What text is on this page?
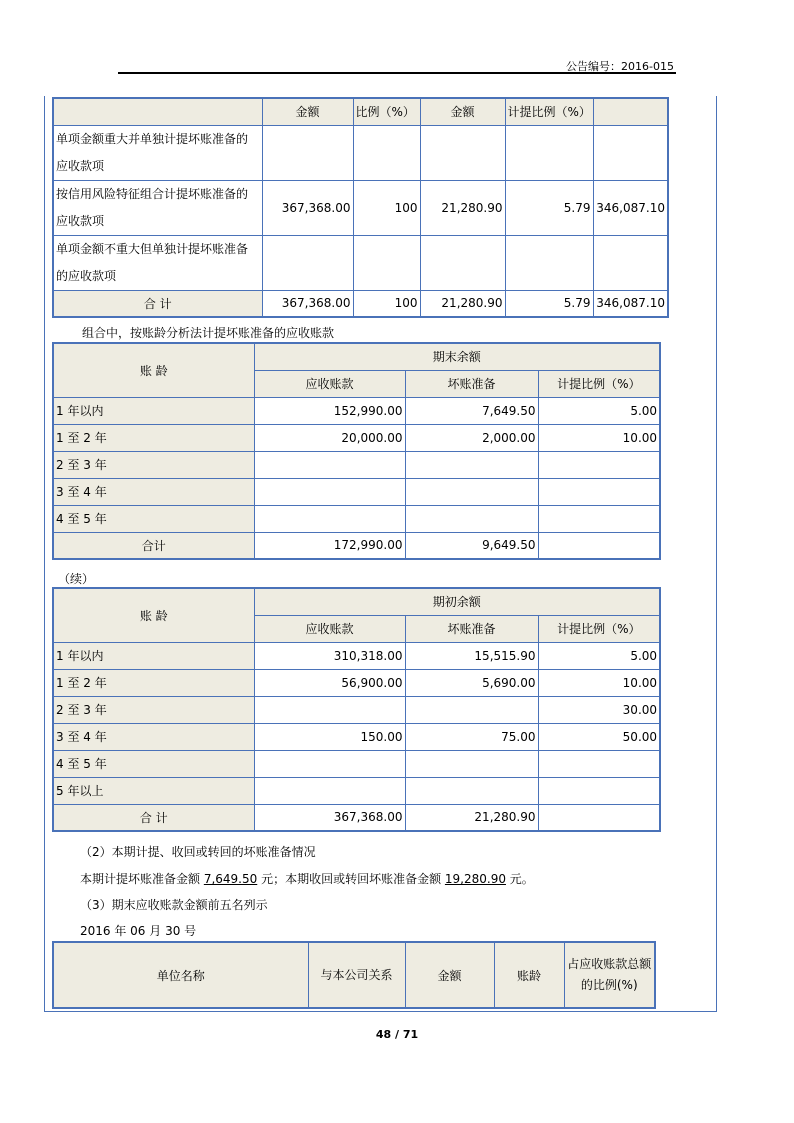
公告编号：2016-015
	金额	比例（%）	金额	计提比例（%）	
单项金额重大并单独计提坏账准备的应收款项					
按信用风险特征组合计提坏账准备的应收款项	367,368.00	100	21,280.90	5.79	346,087.10
单项金额不重大但单独计提坏账准备的应收款项					
合 计	367,368.00	100	21,280.90	5.79	346,087.10
组合中，按账龄分析法计提坏账准备的应收账款
账 龄	期末余额		
	应收账款	坏账准备	计提比例（%）
1 年以内	152,990.00	7,649.50	5.00
1 至 2 年	20,000.00	2,000.00	10.00
2 至 3 年			
3 至 4 年			
4 至 5 年			
合计	172,990.00	9,649.50	
（续）
账 龄	期初余额		
	应收账款	坏账准备	计提比例（%）
1 年以内	310,318.00	15,515.90	5.00
1 至 2 年	56,900.00	5,690.00	10.00
2 至 3 年			30.00
3 至 4 年	150.00	75.00	50.00
4 至 5 年			
5 年以上			
合 计	367,368.00	21,280.90	
（2）本期计提、收回或转回的坏账准备情况
本期计提坏账准备金额 7,649.50 元；本期收回或转回坏账准备金额 19,280.90 元。
（3）期末应收账款金额前五名列示
2016 年 06 月 30 号
单位名称	与本公司关系	金额	账龄	占应收账款总额的比例(%)
48 / 71
